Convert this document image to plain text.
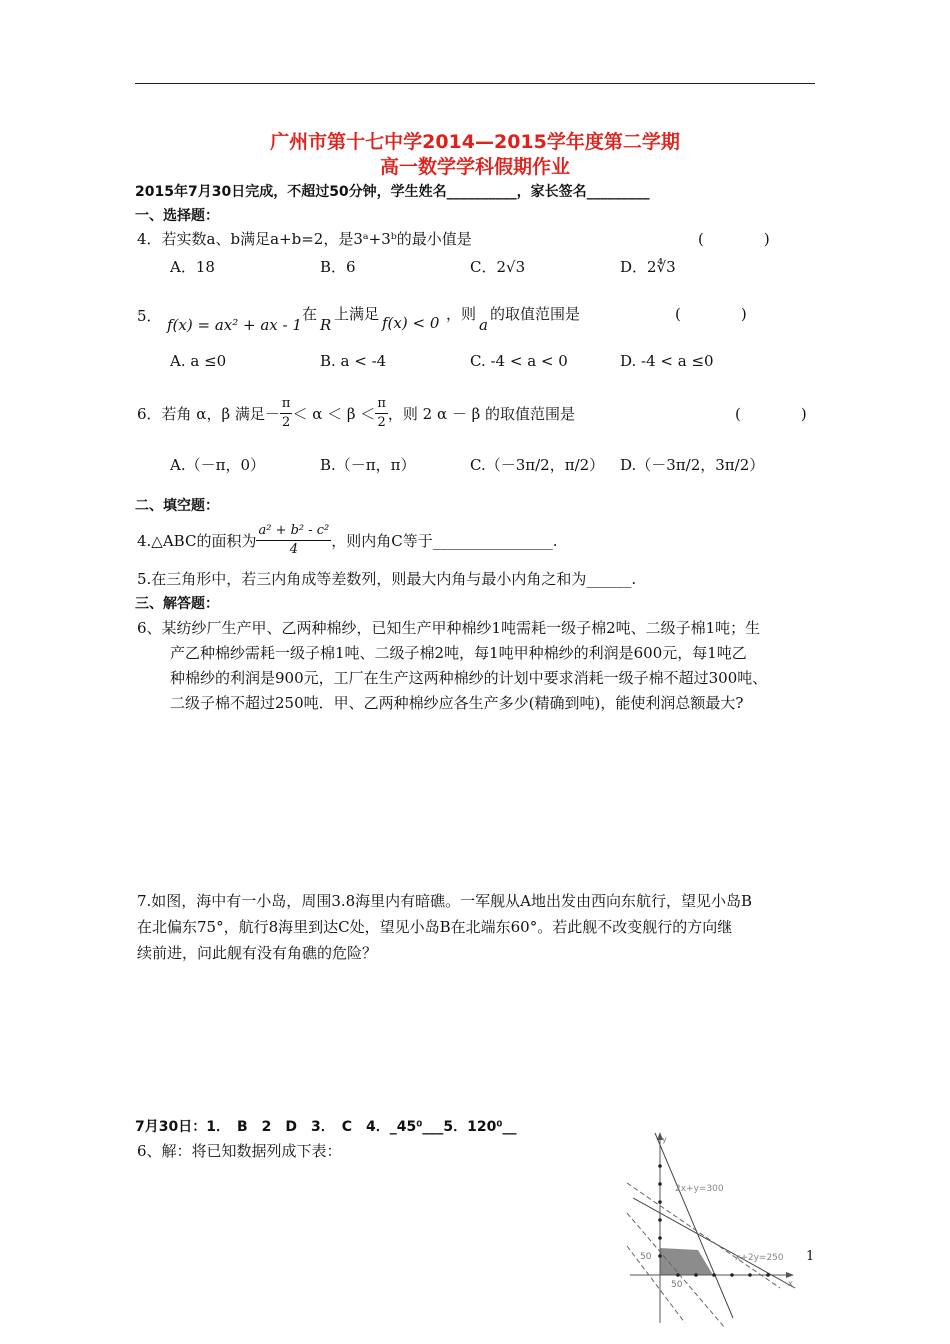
广州市第十七中学2014—2015学年度第二学期
高一数学学科假期作业
2015年7月30日完成，不超过50分钟，学生姓名__________，家长签名_________
一、选择题：
4．若实数a、b满足a+b=2，是3ᵃ+3ᵇ的最小值是	(　　　　)
A．18	B．6	C．2√3	D．2∜3
5． f(x) = ax² + ax - 1
在
R
上满足 f(x) < 0 ，则
a
的取值范围是	(　　　　)
A. a ≤0	B. a < -4	C. -4 < a < 0	D. -4 < a ≤0
6．若角 α，β 满足－ $\frac{\pi}{2} < \alpha < \beta < \frac{\pi}{2}$ ，则 2 α － β 的取值范围是	(　　　　)
A.（－π，0）	B.（－π，π）	C.（－3π/2，π/2） D.（－3π/2，3π/2）
二、填空题：
4.△ABC的面积为 $\frac{\text{a² + b² - c²}}{4}$ ，则内角C等于________________.
5.在三角形中，若三内角成等差数列，则最大内角与最小内角之和为______.
三、解答题：
6、某纺纱厂生产甲、乙两种棉纱，已知生产甲种棉纱1吨需耗一级子棉2吨、二级子棉1吨；生
产乙种棉纱需耗一级子棉1吨、二级子棉2吨，每1吨甲种棉纱的利润是600元，每1吨乙
种棉纱的利润是900元，工厂在生产这两种棉纱的计划中要求消耗一级子棉不超过300吨、
二级子棉不超过250吨．甲、乙两种棉纱应各生产多少(精确到吨)，能使利润总额最大?
7.如图，海中有一小岛，周围3.8海里内有暗礁。一军舰从A地出发由西向东航行，望见小岛B
在北偏东75°，航行8海里到达C处，望见小岛B在北端东60°。若此舰不改变舰行的方向继
续前进，问此舰有没有角礁的危险？
7月30日：1．　B　2　D　3．　C　4．_45⁰___5．120⁰__
6、解：将已知数据列成下表：
y
x
2x+y=300
x+2y=250
50
50
1
